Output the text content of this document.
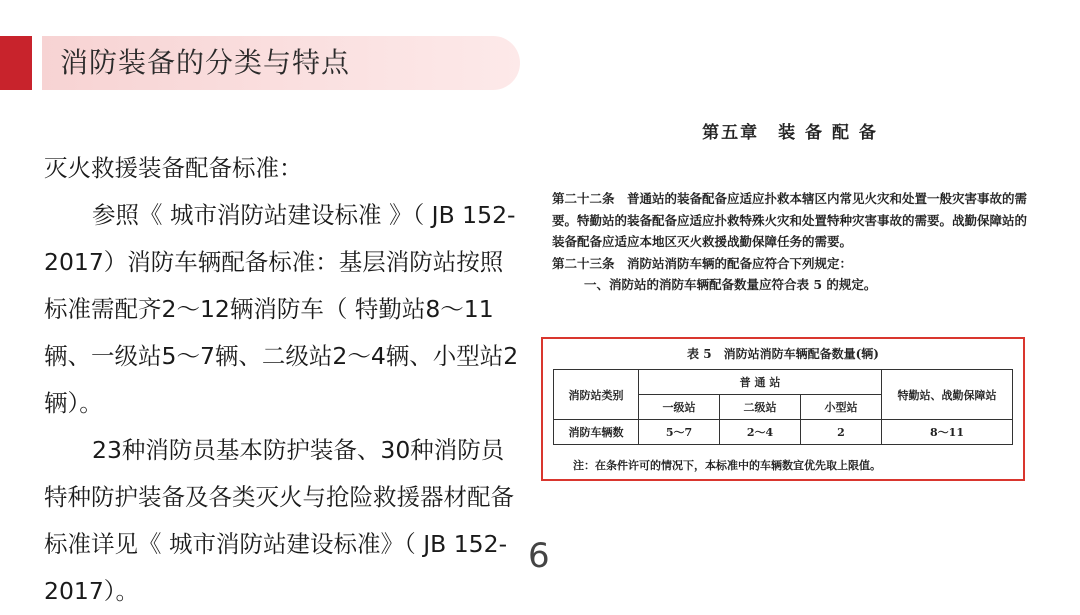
消防装备的分类与特点

灭火救援装备配备标准：

参照《 城市消防站建设标准 》（ JB 152-2017）消防车辆配备标准：基层消防站按照标准需配齐2～12辆消防车（ 特勤站8～11辆、一级站5～7辆、二级站2～4辆、小型站2辆）。

23种消防员基本防护装备、30种消防员特种防护装备及各类灭火与抢险救援器材配备标准详见《 城市消防站建设标准》（ JB 152-2017）。

6
第五章　装 备 配 备

第二十二条　普通站的装备配备应适应扑救本辖区内常见火灾和处置一般灾害事故的需要。特勤站的装备配备应适应扑救特殊火灾和处置特种灾害事故的需要。战勤保障站的装备配备应适应本地区灭火救援战勤保障任务的需要。

第二十三条　消防站消防车辆的配备应符合下列规定：

一、消防站的消防车辆配备数量应符合表 5 的规定。

表 5　消防站消防车辆配备数量(辆)
消防站类别	普 通 站			特勤站、战勤保障站
	一级站	二级站	小型站	
消防车辆数	5～7	2～4	2	8～11
注：在条件许可的情况下，本标准中的车辆数宜优先取上限值。
